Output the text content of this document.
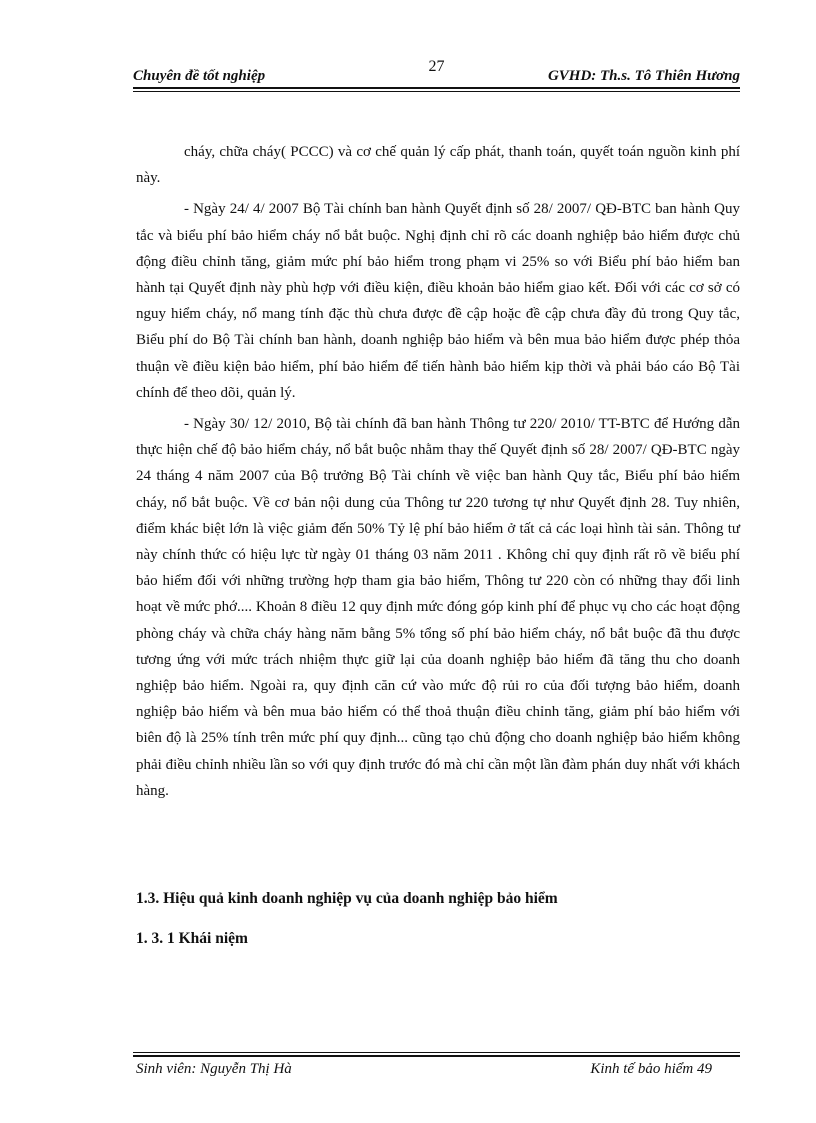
Chuyên đề tốt nghiệp
27
GVHD: Th.s. Tô Thiên Hương

cháy, chữa cháy( PCCC) và cơ chế quản lý cấp phát, thanh toán, quyết toán nguồn kinh phí này.

- Ngày 24/ 4/ 2007 Bộ Tài chính ban hành Quyết định số 28/ 2007/ QĐ-BTC ban hành Quy tắc và biểu phí bảo hiểm cháy nổ bắt buộc. Nghị định chỉ rõ các doanh nghiệp bảo hiểm được chủ động điều chỉnh tăng, giảm mức phí bảo hiểm trong phạm vi 25% so với Biểu phí bảo hiểm ban hành tại Quyết định này phù hợp với điều kiện, điều khoản bảo hiểm giao kết. Đối với các cơ sở có nguy hiểm cháy, nổ mang tính đặc thù chưa được đề cập hoặc đề cập chưa đầy đủ trong Quy tắc, Biểu phí do Bộ Tài chính ban hành, doanh nghiệp bảo hiểm và bên mua bảo hiểm được phép thỏa thuận về điều kiện bảo hiểm, phí bảo hiểm để tiến hành bảo hiểm kịp thời và phải báo cáo Bộ Tài chính để theo dõi, quản lý.

- Ngày 30/ 12/ 2010, Bộ tài chính đã ban hành Thông tư 220/ 2010/ TT-BTC để Hướng dẫn thực hiện chế độ bảo hiểm cháy, nổ bắt buộc nhằm thay thế Quyết định số 28/ 2007/ QĐ-BTC ngày 24 tháng 4 năm 2007 của Bộ trưởng Bộ Tài chính về việc ban hành Quy tắc, Biểu phí bảo hiểm cháy, nổ bắt buộc. Về cơ bản nội dung của Thông tư 220 tương tự như Quyết định 28. Tuy nhiên, điểm khác biệt lớn là việc giảm đến 50% Tỷ lệ phí bảo hiểm ở tất cả các loại hình tài sản. Thông tư này chính thức có hiệu lực từ ngày 01 tháng 03 năm 2011 . Không chỉ quy định rất rõ về biểu phí bảo hiểm đối với những trường hợp tham gia bảo hiểm, Thông tư 220 còn có những thay đổi linh hoạt về mức phớ.... Khoản 8 điều 12 quy định mức đóng góp kinh phí để phục vụ cho các hoạt động phòng cháy và chữa cháy hàng năm bằng 5% tổng số phí bảo hiểm cháy, nổ bắt buộc đã thu được tương ứng với mức trách nhiệm thực giữ lại của doanh nghiệp bảo hiểm đã tăng thu cho doanh nghiệp bảo hiểm. Ngoài ra, quy định căn cứ vào mức độ rủi ro của đối tượng bảo hiểm, doanh nghiệp bảo hiểm và bên mua bảo hiểm có thể thoả thuận điều chỉnh tăng, giảm phí bảo hiểm với biên độ là 25% tính trên mức phí quy định... cũng tạo chủ động cho doanh nghiệp bảo hiểm không phải điều chỉnh nhiều lần so với quy định trước đó mà chỉ cần một lần đàm phán duy nhất với khách hàng.

1.3. Hiệu quả kinh doanh nghiệp vụ của doanh nghiệp bảo hiểm
1. 3. 1 Khái niệm
Sinh viên: Nguyễn Thị Hà	Kinh tế bảo hiểm 49
